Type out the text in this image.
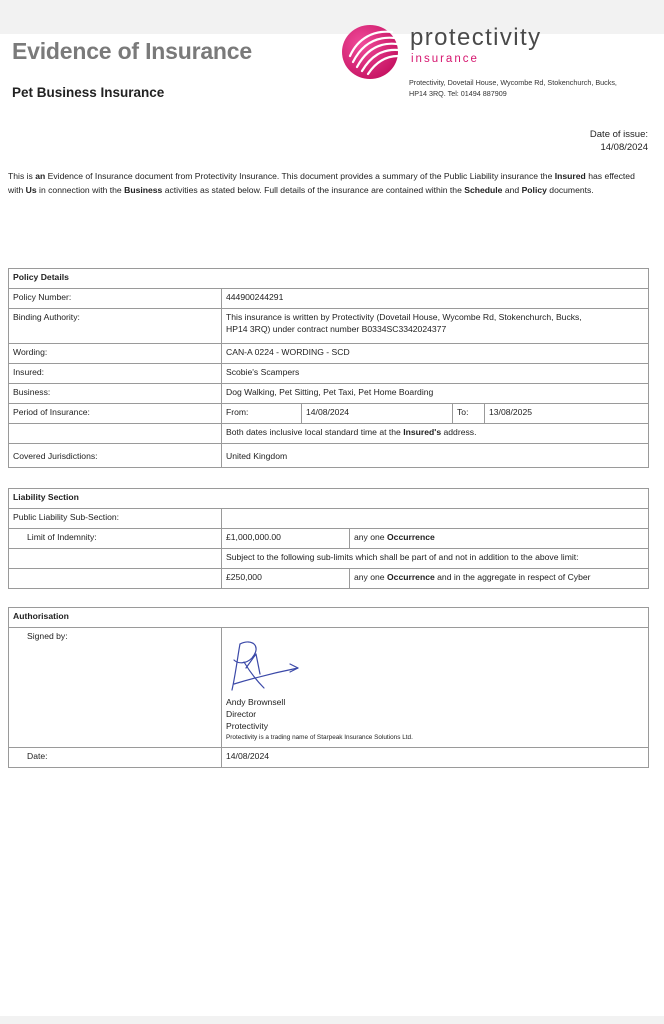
Evidence of Insurance
Pet Business Insurance
protectivity
insurance
Protectivity, Dovetail House, Wycombe Rd, Stokenchurch, Bucks,
HP14 3RQ. Tel: 01494 887909
Date of issue:
14/08/2024
This is an Evidence of Insurance document from Protectivity Insurance. This document provides a summary of the Public Liability insurance the Insured has effected with Us in connection with the Business activities as stated below. Full details of the insurance are contained within the Schedule and Policy documents.
Policy Details				
Policy Number:	444900244291			
Binding Authority:	This insurance is written by Protectivity (Dovetail House, Wycombe Rd, Stokenchurch, Bucks,
HP14 3RQ) under contract number B0334SC3342024377			

Wording:	CAN-A 0224 - WORDING - SCD			
Insured:	Scobie's Scampers			
Business:	Dog Walking, Pet Sitting, Pet Taxi, Pet Home Boarding			
Period of Insurance:	From:	14/08/2024	To:	13/08/2025
	Both dates inclusive local standard time at the Insured's address.			
Covered Jurisdictions:	United Kingdom			
Liability Section		
Public Liability Sub-Section:		
Limit of Indemnity:	£1,000,000.00	any one Occurrence
	Subject to the following sub-limits which shall be part of and not in addition to the above limit:	
	£250,000	any one Occurrence and in the aggregate in respect of Cyber
Authorisation	
Signed by:	Andy Brownsell
Director
Protectivity
Protectivity is a trading name of Starpeak Insurance Solutions Ltd.

Date:	14/08/2024
